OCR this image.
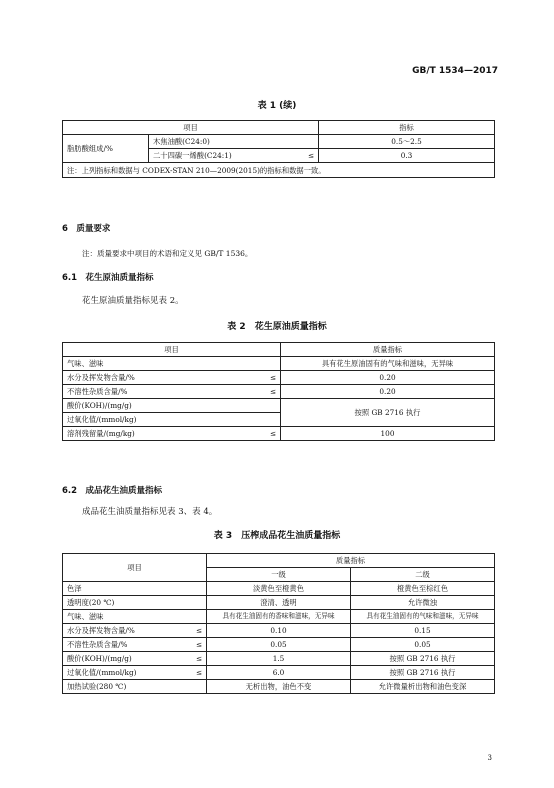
GB/T 1534—2017
表 1 (续)
项目			指标
脂肪酸组成/%	木焦油酸(C24:0)		0.5～2.5
	二十四碳一烯酸(C24:1)	≤	0.3
注：上列指标和数据与 CODEX-STAN 210—2009(2015)的指标和数据一致。			
6　质量要求
注：质量要求中项目的术语和定义见 GB/T 1536。
6.1　花生原油质量指标
花生原油质量指标见表 2。
表 2　花生原油质量指标
项目		质量指标
气味、滋味		具有花生原油固有的气味和滋味，无异味
水分及挥发物含量/%	≤	0.20
不溶性杂质含量/%	≤	0.20
酸价(KOH)/(mg/g)		按照 GB 2716 执行
过氧化值/(mmol/kg)		
溶剂残留量/(mg/kg)	≤	100
6.2　成品花生油质量指标
成品花生油质量指标见表 3、表 4。
表 3　压榨成品花生油质量指标
项目		质量指标	
		一级	二级
色泽		淡黄色至橙黄色	橙黄色至棕红色
透明度(20 ℃)		澄清、透明	允许微浊
气味、滋味		具有花生油固有的香味和滋味，无异味	具有花生油固有的气味和滋味，无异味
水分及挥发物含量/%	≤	0.10	0.15
不溶性杂质含量/%	≤	0.05	0.05
酸价(KOH)/(mg/g)	≤	1.5	按照 GB 2716 执行
过氧化值/(mmol/kg)	≤	6.0	按照 GB 2716 执行
加热试验(280 ℃)		无析出物，油色不变	允许微量析出物和油色变深
3
